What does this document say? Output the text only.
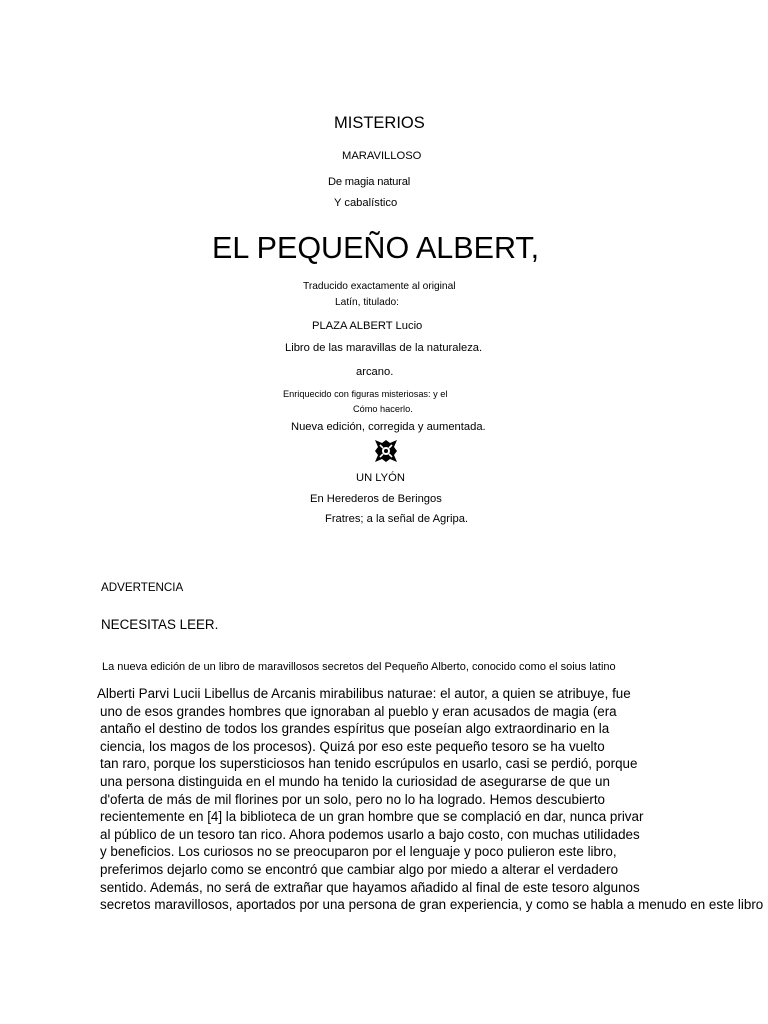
MISTERIOS
MARAVILLOSO
De magia natural
Y cabalístico
EL PEQUEÑO ALBERT,
Traducido exactamente al original
Latín, titulado:
PLAZA ALBERT Lucio
Libro de las maravillas de la naturaleza.
arcano.
Enriquecido con figuras misteriosas: y el
Cómo hacerlo.
Nueva edición, corregida y aumentada.
UN LYÓN
En Herederos de Beringos
Fratres; a la señal de Agripa.
ADVERTENCIA
NECESITAS LEER.
La nueva edición de un libro de maravillosos secretos del Pequeño Alberto, conocido como el soius latino
Alberti Parvi Lucii Libellus de Arcanis mirabilibus naturae: el autor, a quien se atribuye, fue
uno de esos grandes hombres que ignoraban al pueblo y eran acusados de magia (era
antaño el destino de todos los grandes espíritus que poseían algo extraordinario en la
ciencia, los magos de los procesos). Quizá por eso este pequeño tesoro se ha vuelto
tan raro, porque los supersticiosos han tenido escrúpulos en usarlo, casi se perdió, porque
una persona distinguida en el mundo ha tenido la curiosidad de asegurarse de que un
d'oferta de más de mil florines por un solo, pero no lo ha logrado. Hemos descubierto
recientemente en [4] la biblioteca de un gran hombre que se complació en dar, nunca privar
al público de un tesoro tan rico. Ahora podemos usarlo a bajo costo, con muchas utilidades
y beneficios. Los curiosos no se preocuparon por el lenguaje y poco pulieron este libro,
preferimos dejarlo como se encontró que cambiar algo por miedo a alterar el verdadero
sentido. Además, no será de extrañar que hayamos añadido al final de este tesoro algunos
secretos maravillosos, aportados por una persona de gran experiencia, y como se habla a menudo en este libro
